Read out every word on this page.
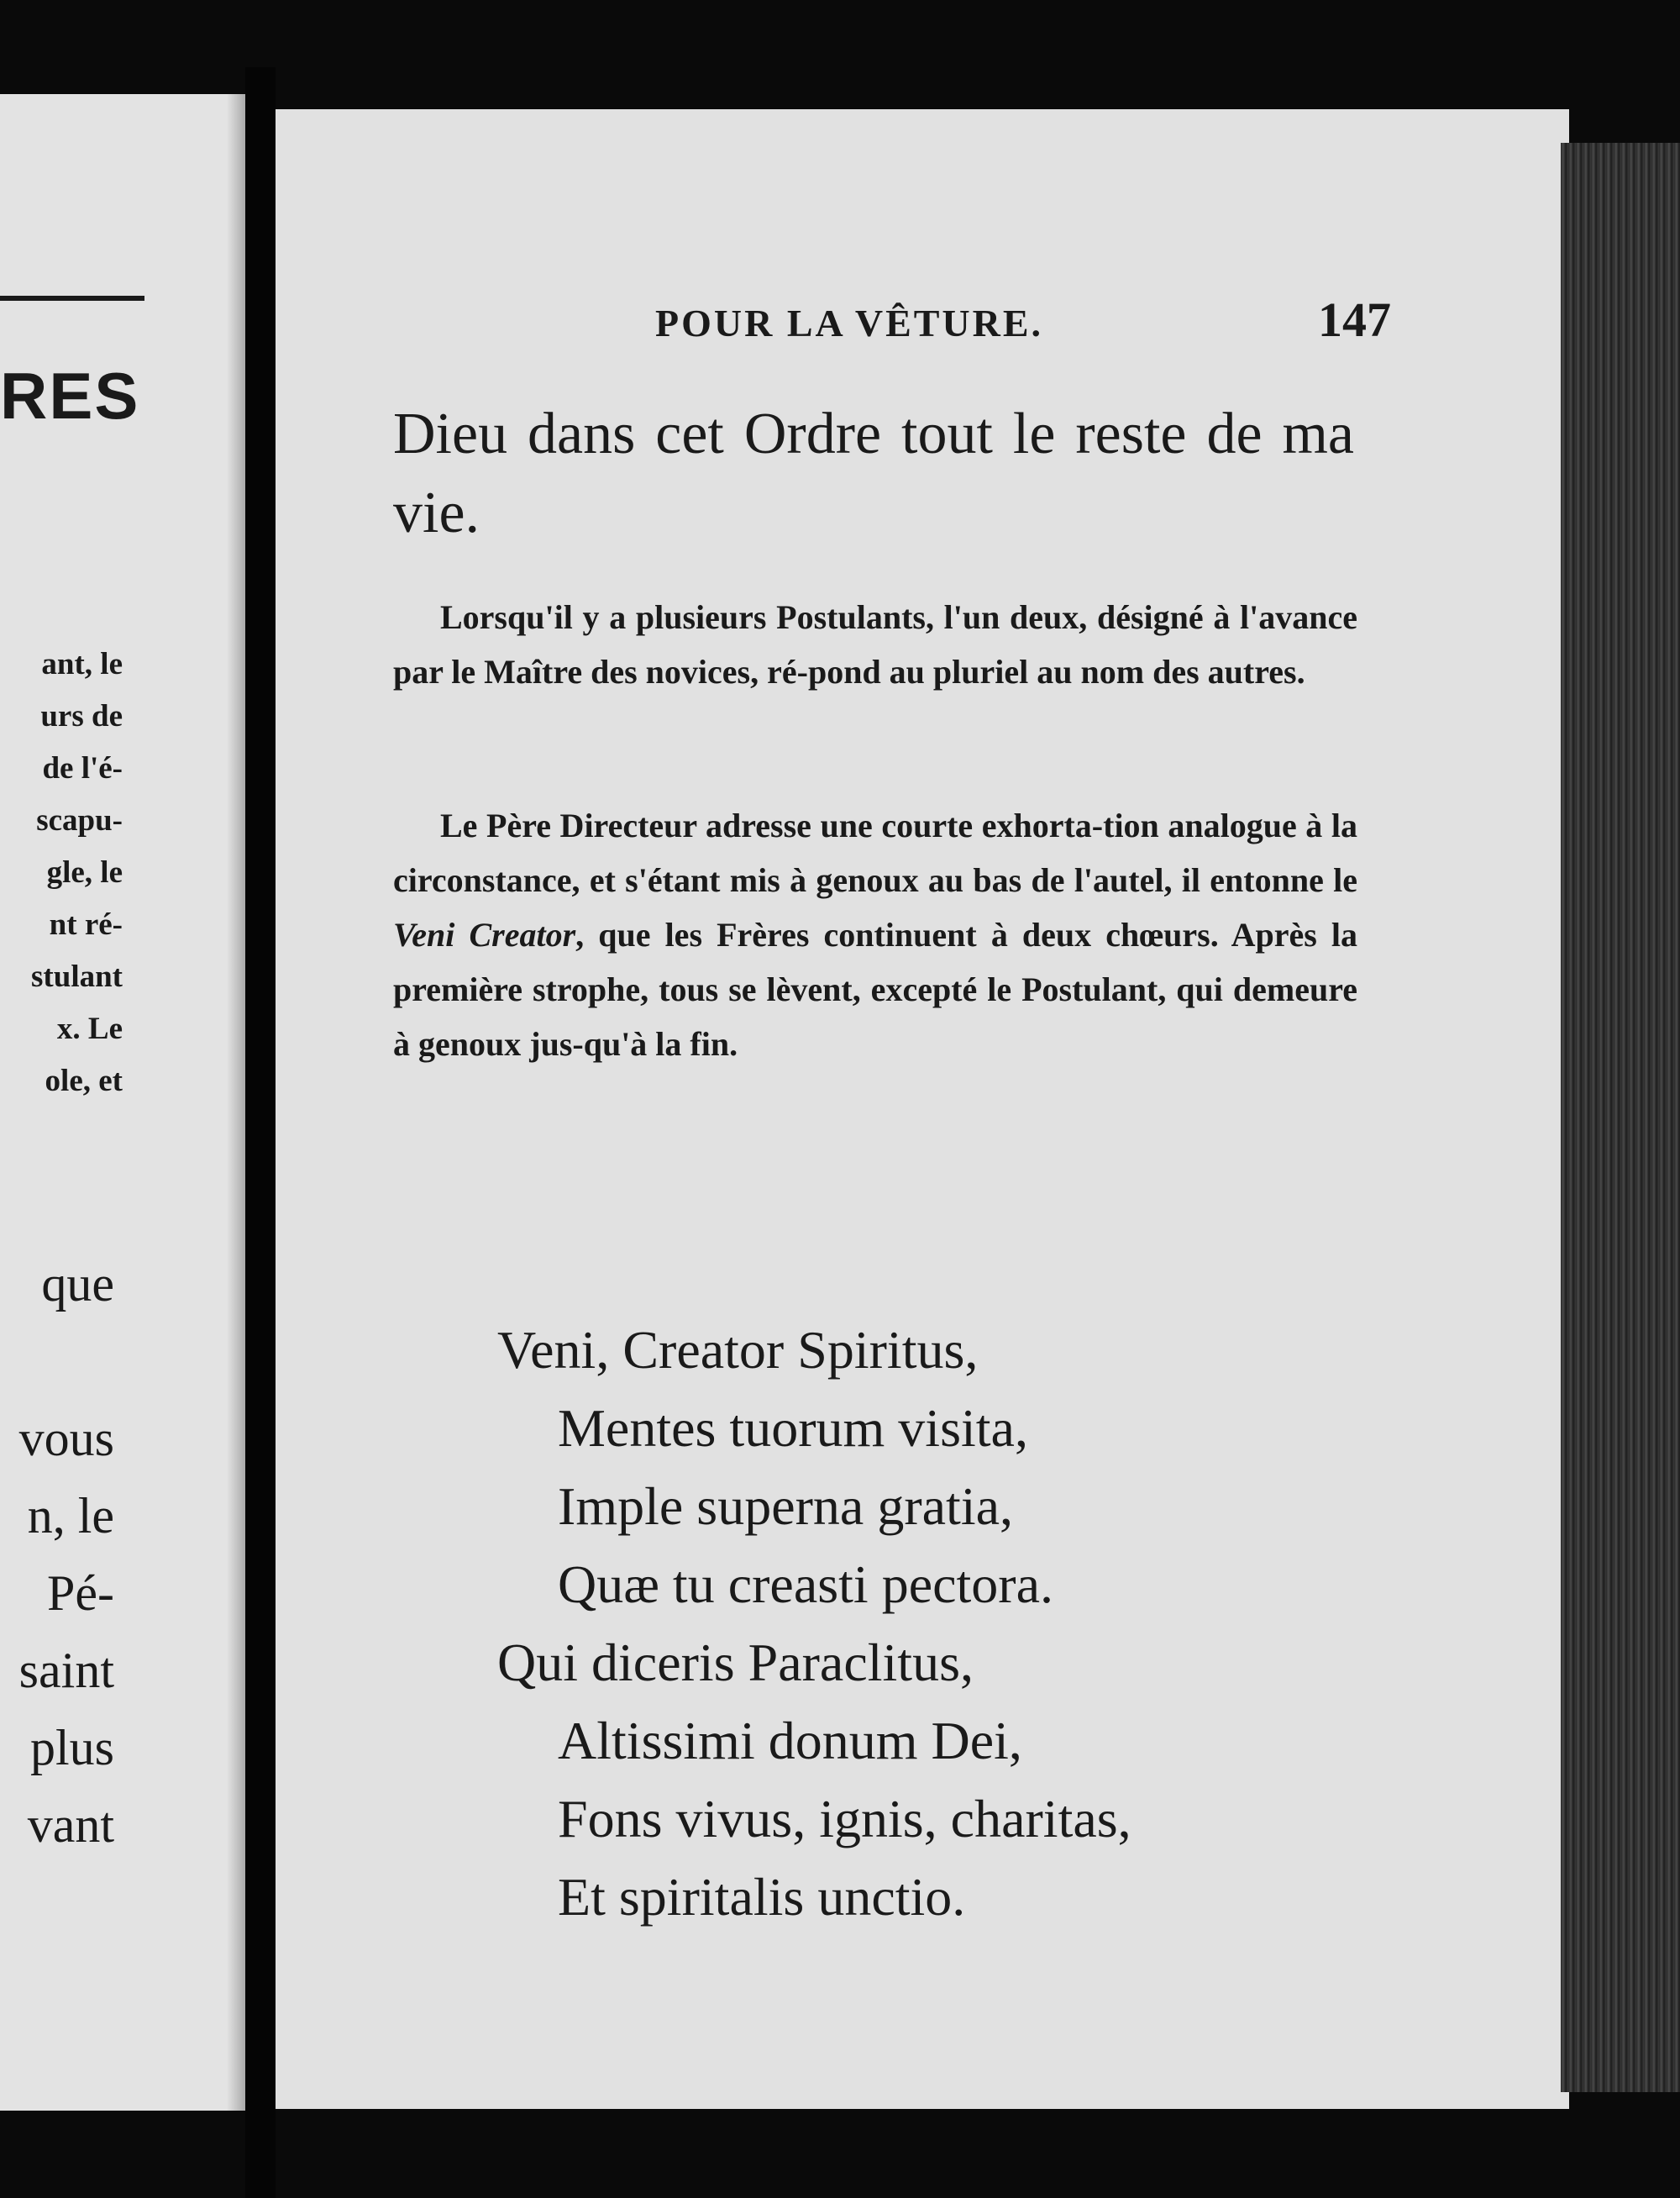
RES
ant, le
urs de
de l'é-
scapu-
gle, le
nt ré-
stulant
x. Le
ole, et
que
vous
n, le
Pé-
saint
plus
vant
POUR LA VÊTURE.	147

Dieu dans cet Ordre tout le reste de ma vie.

Lorsqu'il y a plusieurs Postulants, l'un deux, désigné à l'avance par le Maître des novices, ré-pond au pluriel au nom des autres.

Le Père Directeur adresse une courte exhorta-tion analogue à la circonstance, et s'étant mis à genoux au bas de l'autel, il entonne le Veni Creator, que les Frères continuent à deux chœurs. Après la première strophe, tous se lèvent, excepté le Postulant, qui demeure à genoux jus-qu'à la fin.

Veni, Creator Spiritus,
Mentes tuorum visita,
Imple superna gratia,
Quæ tu creasti pectora.
Qui diceris Paraclitus,
Altissimi donum Dei,
Fons vivus, ignis, charitas,
Et spiritalis unctio.
